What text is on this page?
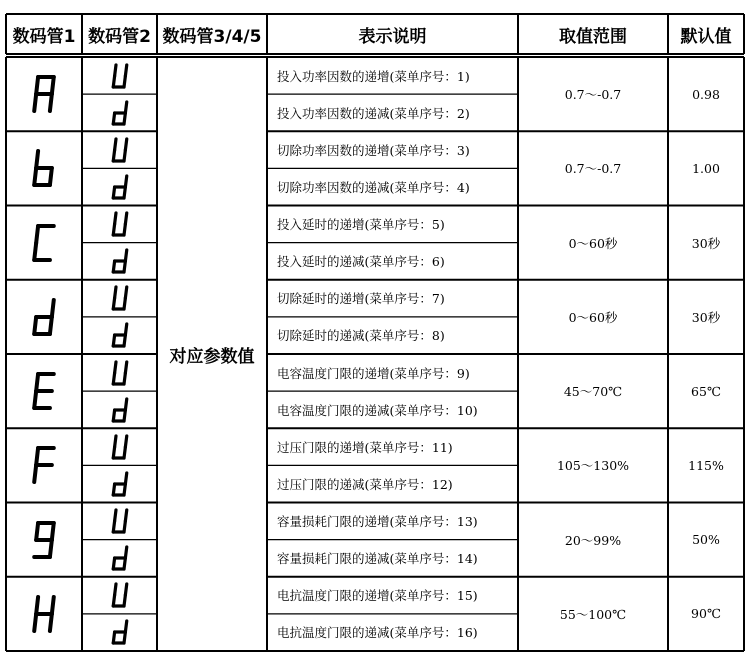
数码管1 数码管2 数码管3/4/5	表示说明	取值范围	默认值
对应参数值
投入功率因数的递增(菜单序号：1)
投入功率因数的递减(菜单序号：2)
0.7～-0.7	0.98
切除功率因数的递增(菜单序号：3)
切除功率因数的递减(菜单序号：4)
0.7～-0.7	1.00
投入延时的递增(菜单序号：5)
投入延时的递减(菜单序号：6)
0～60秒	30秒
切除延时的递增(菜单序号：7)
切除延时的递减(菜单序号：8)
0～60秒	30秒
电容温度门限的递增(菜单序号：9)
电容温度门限的递减(菜单序号：10)
45～70℃	65℃
过压门限的递增(菜单序号：11)
过压门限的递减(菜单序号：12)
105～130%	115%
容量损耗门限的递增(菜单序号：13)
容量损耗门限的递减(菜单序号：14)
20～99%	50%
电抗温度门限的递增(菜单序号：15)
电抗温度门限的递减(菜单序号：16)
55～100℃	90℃
